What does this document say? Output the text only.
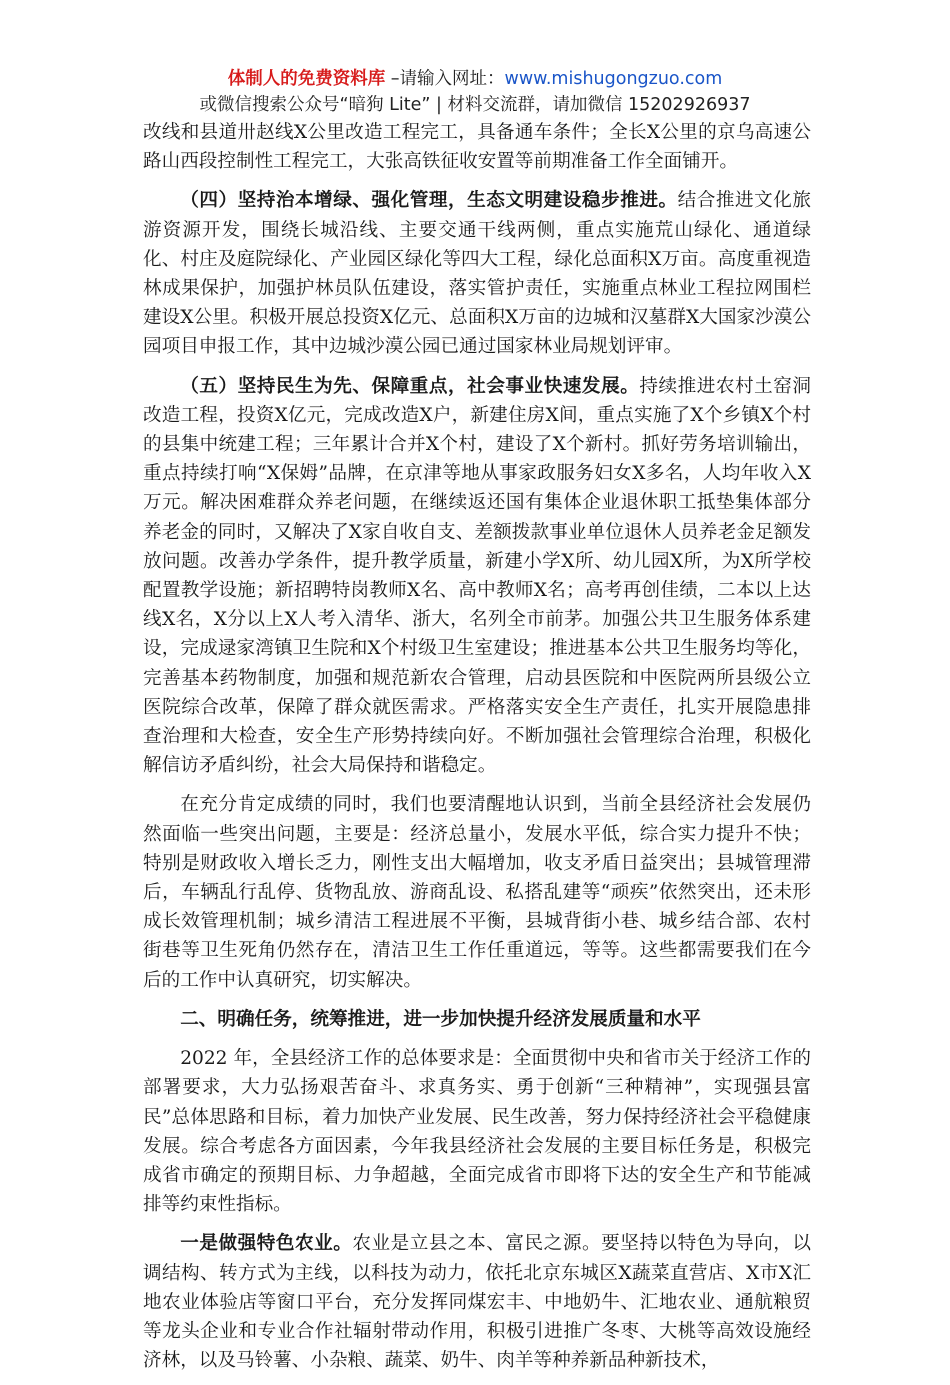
体制人的免费资料库 –请输入网址：www.mishugongzuo.com
或微信搜索公众号“暗狗 Lite” | 材料交流群，请加微信 15202926937

改线和县道卅赵线Ⅹ公里改造工程完工，具备通车条件；全长Ⅹ公里的京乌高速公路山西段控制性工程完工，大张高铁征收安置等前期准备工作全面铺开。

（四）坚持治本增绿、强化管理，生态文明建设稳步推进。结合推进文化旅游资源开发，围绕长城沿线、主要交通干线两侧，重点实施荒山绿化、通道绿化、村庄及庭院绿化、产业园区绿化等四大工程，绿化总面积Ⅹ万亩。高度重视造林成果保护，加强护林员队伍建设，落实管护责任，实施重点林业工程拉网围栏建设Ⅹ公里。积极开展总投资Ⅹ亿元、总面积Ⅹ万亩的边城和汉墓群Ⅹ大国家沙漠公园项目申报工作，其中边城沙漠公园已通过国家林业局规划评审。

（五）坚持民生为先、保障重点，社会事业快速发展。持续推进农村土窑洞改造工程，投资Ⅹ亿元，完成改造Ⅹ户，新建住房Ⅹ间，重点实施了Ⅹ个乡镇Ⅹ个村的县集中统建工程；三年累计合并Ⅹ个村，建设了Ⅹ个新村。抓好劳务培训输出，重点持续打响“Ⅹ保姆”品牌，在京津等地从事家政服务妇女Ⅹ多名，人均年收入Ⅹ万元。解决困难群众养老问题，在继续返还国有集体企业退休职工抵垫集体部分养老金的同时，又解决了Ⅹ家自收自支、差额拨款事业单位退休人员养老金足额发放问题。改善办学条件，提升教学质量，新建小学Ⅹ所、幼儿园Ⅹ所，为Ⅹ所学校配置教学设施；新招聘特岗教师Ⅹ名、高中教师Ⅹ名；高考再创佳绩，二本以上达线Ⅹ名，Ⅹ分以上Ⅹ人考入清华、浙大，名列全市前茅。加强公共卫生服务体系建设，完成逯家湾镇卫生院和Ⅹ个村级卫生室建设；推进基本公共卫生服务均等化，完善基本药物制度，加强和规范新农合管理，启动县医院和中医院两所县级公立医院综合改革，保障了群众就医需求。严格落实安全生产责任，扎实开展隐患排查治理和大检查，安全生产形势持续向好。不断加强社会管理综合治理，积极化解信访矛盾纠纷，社会大局保持和谐稳定。

在充分肯定成绩的同时，我们也要清醒地认识到，当前全县经济社会发展仍然面临一些突出问题，主要是：经济总量小，发展水平低，综合实力提升不快；特别是财政收入增长乏力，刚性支出大幅增加，收支矛盾日益突出；县城管理滞后，车辆乱行乱停、货物乱放、游商乱设、私搭乱建等“顽疾”依然突出，还未形成长效管理机制；城乡清洁工程进展不平衡，县城背街小巷、城乡结合部、农村街巷等卫生死角仍然存在，清洁卫生工作任重道远，等等。这些都需要我们在今后的工作中认真研究，切实解决。

二、明确任务，统筹推进，进一步加快提升经济发展质量和水平

2022 年，全县经济工作的总体要求是：全面贯彻中央和省市关于经济工作的部署要求，大力弘扬艰苦奋斗、求真务实、勇于创新“三种精神”，实现强县富民”总体思路和目标，着力加快产业发展、民生改善，努力保持经济社会平稳健康发展。综合考虑各方面因素，今年我县经济社会发展的主要目标任务是，积极完成省市确定的预期目标、力争超越，全面完成省市即将下达的安全生产和节能减排等约束性指标。

一是做强特色农业。农业是立县之本、富民之源。要坚持以特色为导向，以调结构、转方式为主线，以科技为动力，依托北京东城区Ⅹ蔬菜直营店、Ⅹ市Ⅹ汇地农业体验店等窗口平台，充分发挥同煤宏丰、中地奶牛、汇地农业、通航粮贸等龙头企业和专业合作社辐射带动作用，积极引进推广冬枣、大桃等高效设施经济林，以及马铃薯、小杂粮、蔬菜、奶牛、肉羊等种养新品种新技术，
